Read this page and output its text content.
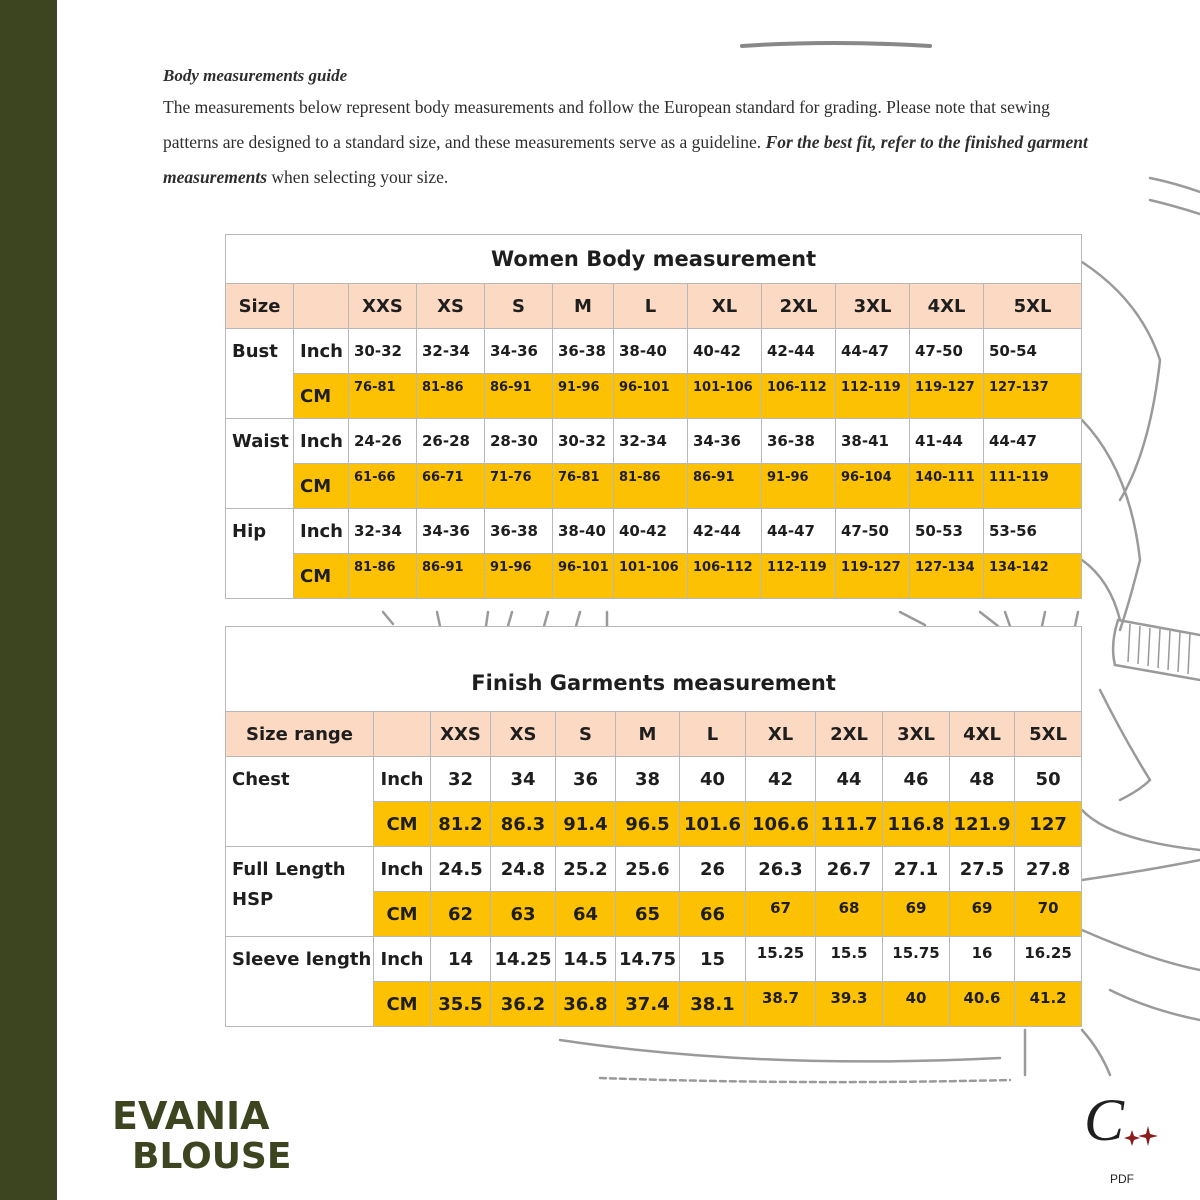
Body measurements guide
The measurements below represent body measurements and follow the European standard for grading. Please note that sewing patterns are designed to a standard size, and these measurements serve as a guideline. For the best fit, refer to the finished garment measurements when selecting your size.
Women Body measurement											
Size		XXS	XS	S	M	L	XL	2XL	3XL	4XL	5XL
Bust	Inch	30-32	32-34	34-36	36-38	38-40	40-42	42-44	44-47	47-50	50-54
	CM	76-81	81-86	86-91	91-96	96-101	101-106	106-112	112-119	119-127	127-137
Waist	Inch	24-26	26-28	28-30	30-32	32-34	34-36	36-38	38-41	41-44	44-47
	CM	61-66	66-71	71-76	76-81	81-86	86-91	91-96	96-104	140-111	111-119
Hip	Inch	32-34	34-36	36-38	38-40	40-42	42-44	44-47	47-50	50-53	53-56
	CM	81-86	86-91	91-96	96-101	101-106	106-112	112-119	119-127	127-134	134-142
Finish Garments measurement											
Size range		XXS	XS	S	M	L	XL	2XL	3XL	4XL	5XL
Chest	Inch	32	34	36	38	40	42	44	46	48	50
	CM	81.2	86.3	91.4	96.5	101.6	106.6	111.7	116.8	121.9	127
Full Length HSP	Inch	24.5	24.8	25.2	25.6	26	26.3	26.7	27.1	27.5	27.8
	CM	62	63	64	65	66	67	68	69	69	70
Sleeve length	Inch	14	14.25	14.5	14.75	15	15.25	15.5	15.75	16	16.25
	CM	35.5	36.2	36.8	37.4	38.1	38.7	39.3	40	40.6	41.2
EVANIA
BLOUSE
C
PDF
